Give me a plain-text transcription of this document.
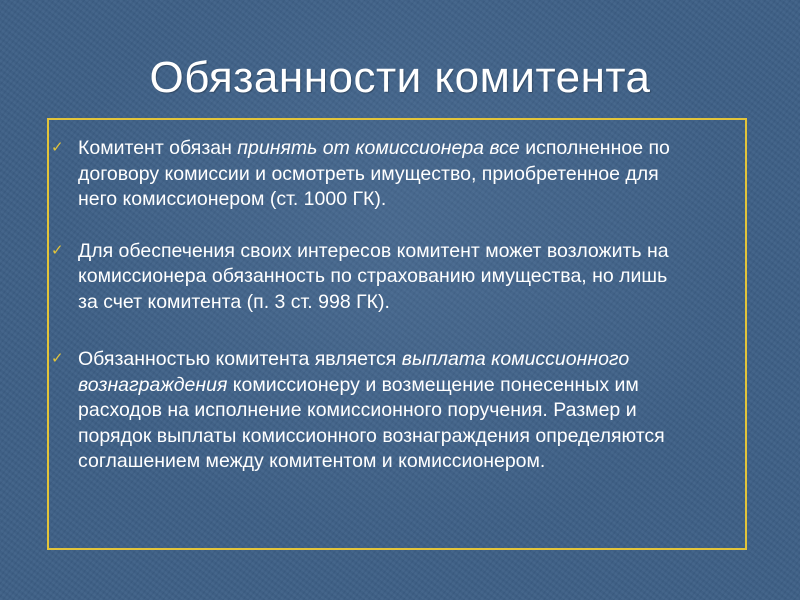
Обязанности комитента
✓ Комитент обязан принять от комиссионера все исполненное по
договору комиссии и осмотреть имущество, приобретенное для
него комиссионером (ст. 1000 ГК).
✓ Для обеспечения своих интересов комитент может возложить на
комиссионера обязанность по страхованию имущества, но лишь
за счет комитента (п. 3 ст. 998 ГК).
✓ Обязанностью комитента является выплата комиссионного
вознаграждения комиссионеру и возмещение понесенных им
расходов на исполнение комиссионного поручения. Размер и
порядок выплаты комиссионного вознаграждения определяются
соглашением между комитентом и комиссионером.
